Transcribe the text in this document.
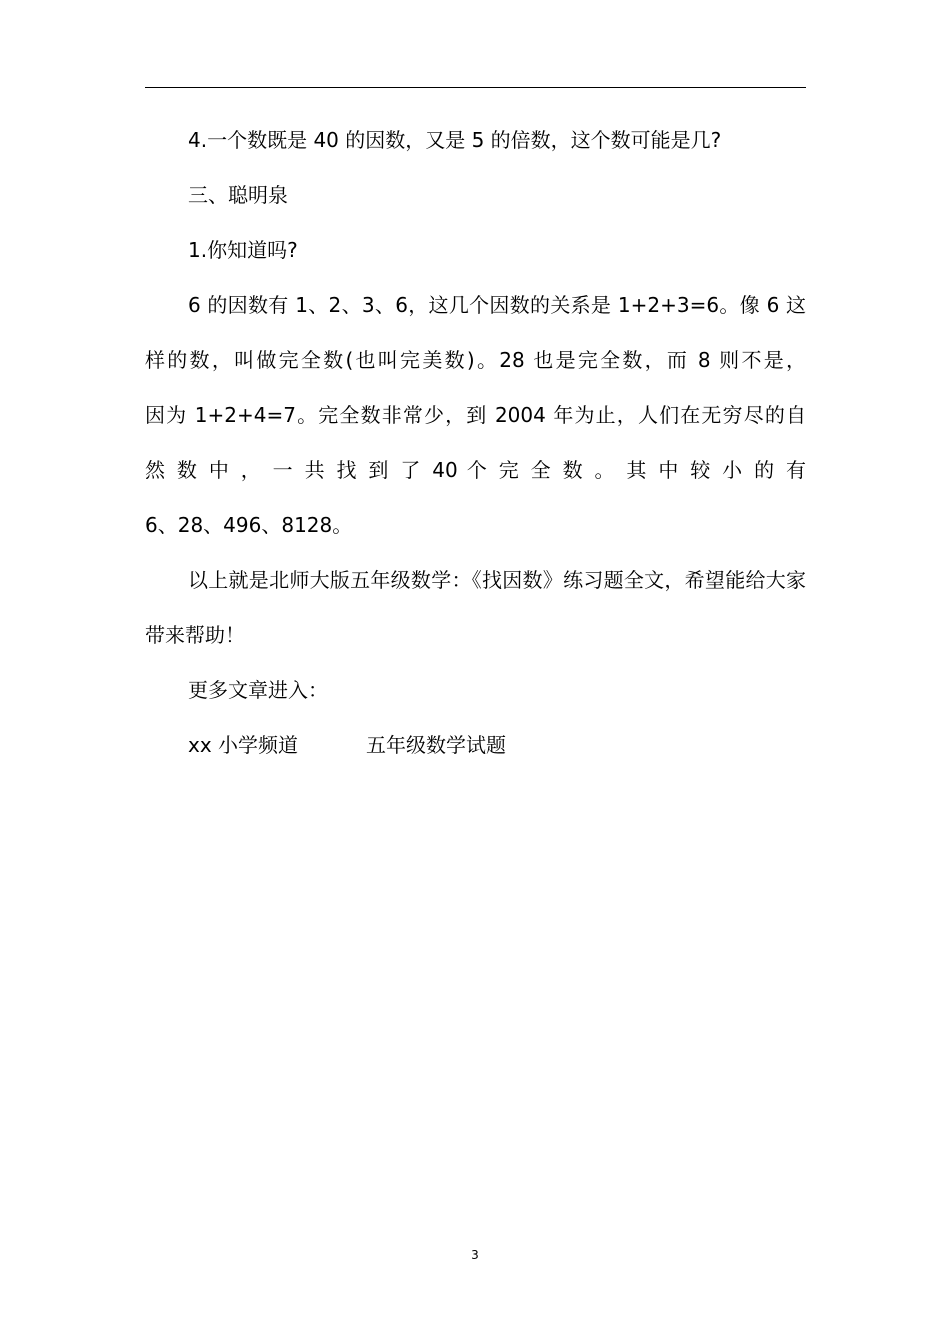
4.一个数既是 40 的因数，又是 5 的倍数，这个数可能是几?

三、聪明泉

1.你知道吗?

6 的因数有 1、2、3、6，这几个因数的关系是 1+2+3=6。像 6 这
样的数，叫做完全数(也叫完美数)。28 也是完全数，而 8 则不是，
因为 1+2+4=7。完全数非常少，到 2004 年为止，人们在无穷尽的自
然 数 中 ， 一 共 找 到 了 40 个 完 全 数 。 其 中 较 小 的 有
6、28、496、8128。

以上就是北师大版五年级数学：《找因数》练习题全文，希望能给大家带来帮助！

更多文章进入：

xx 小学频道	五年级数学试题
3
